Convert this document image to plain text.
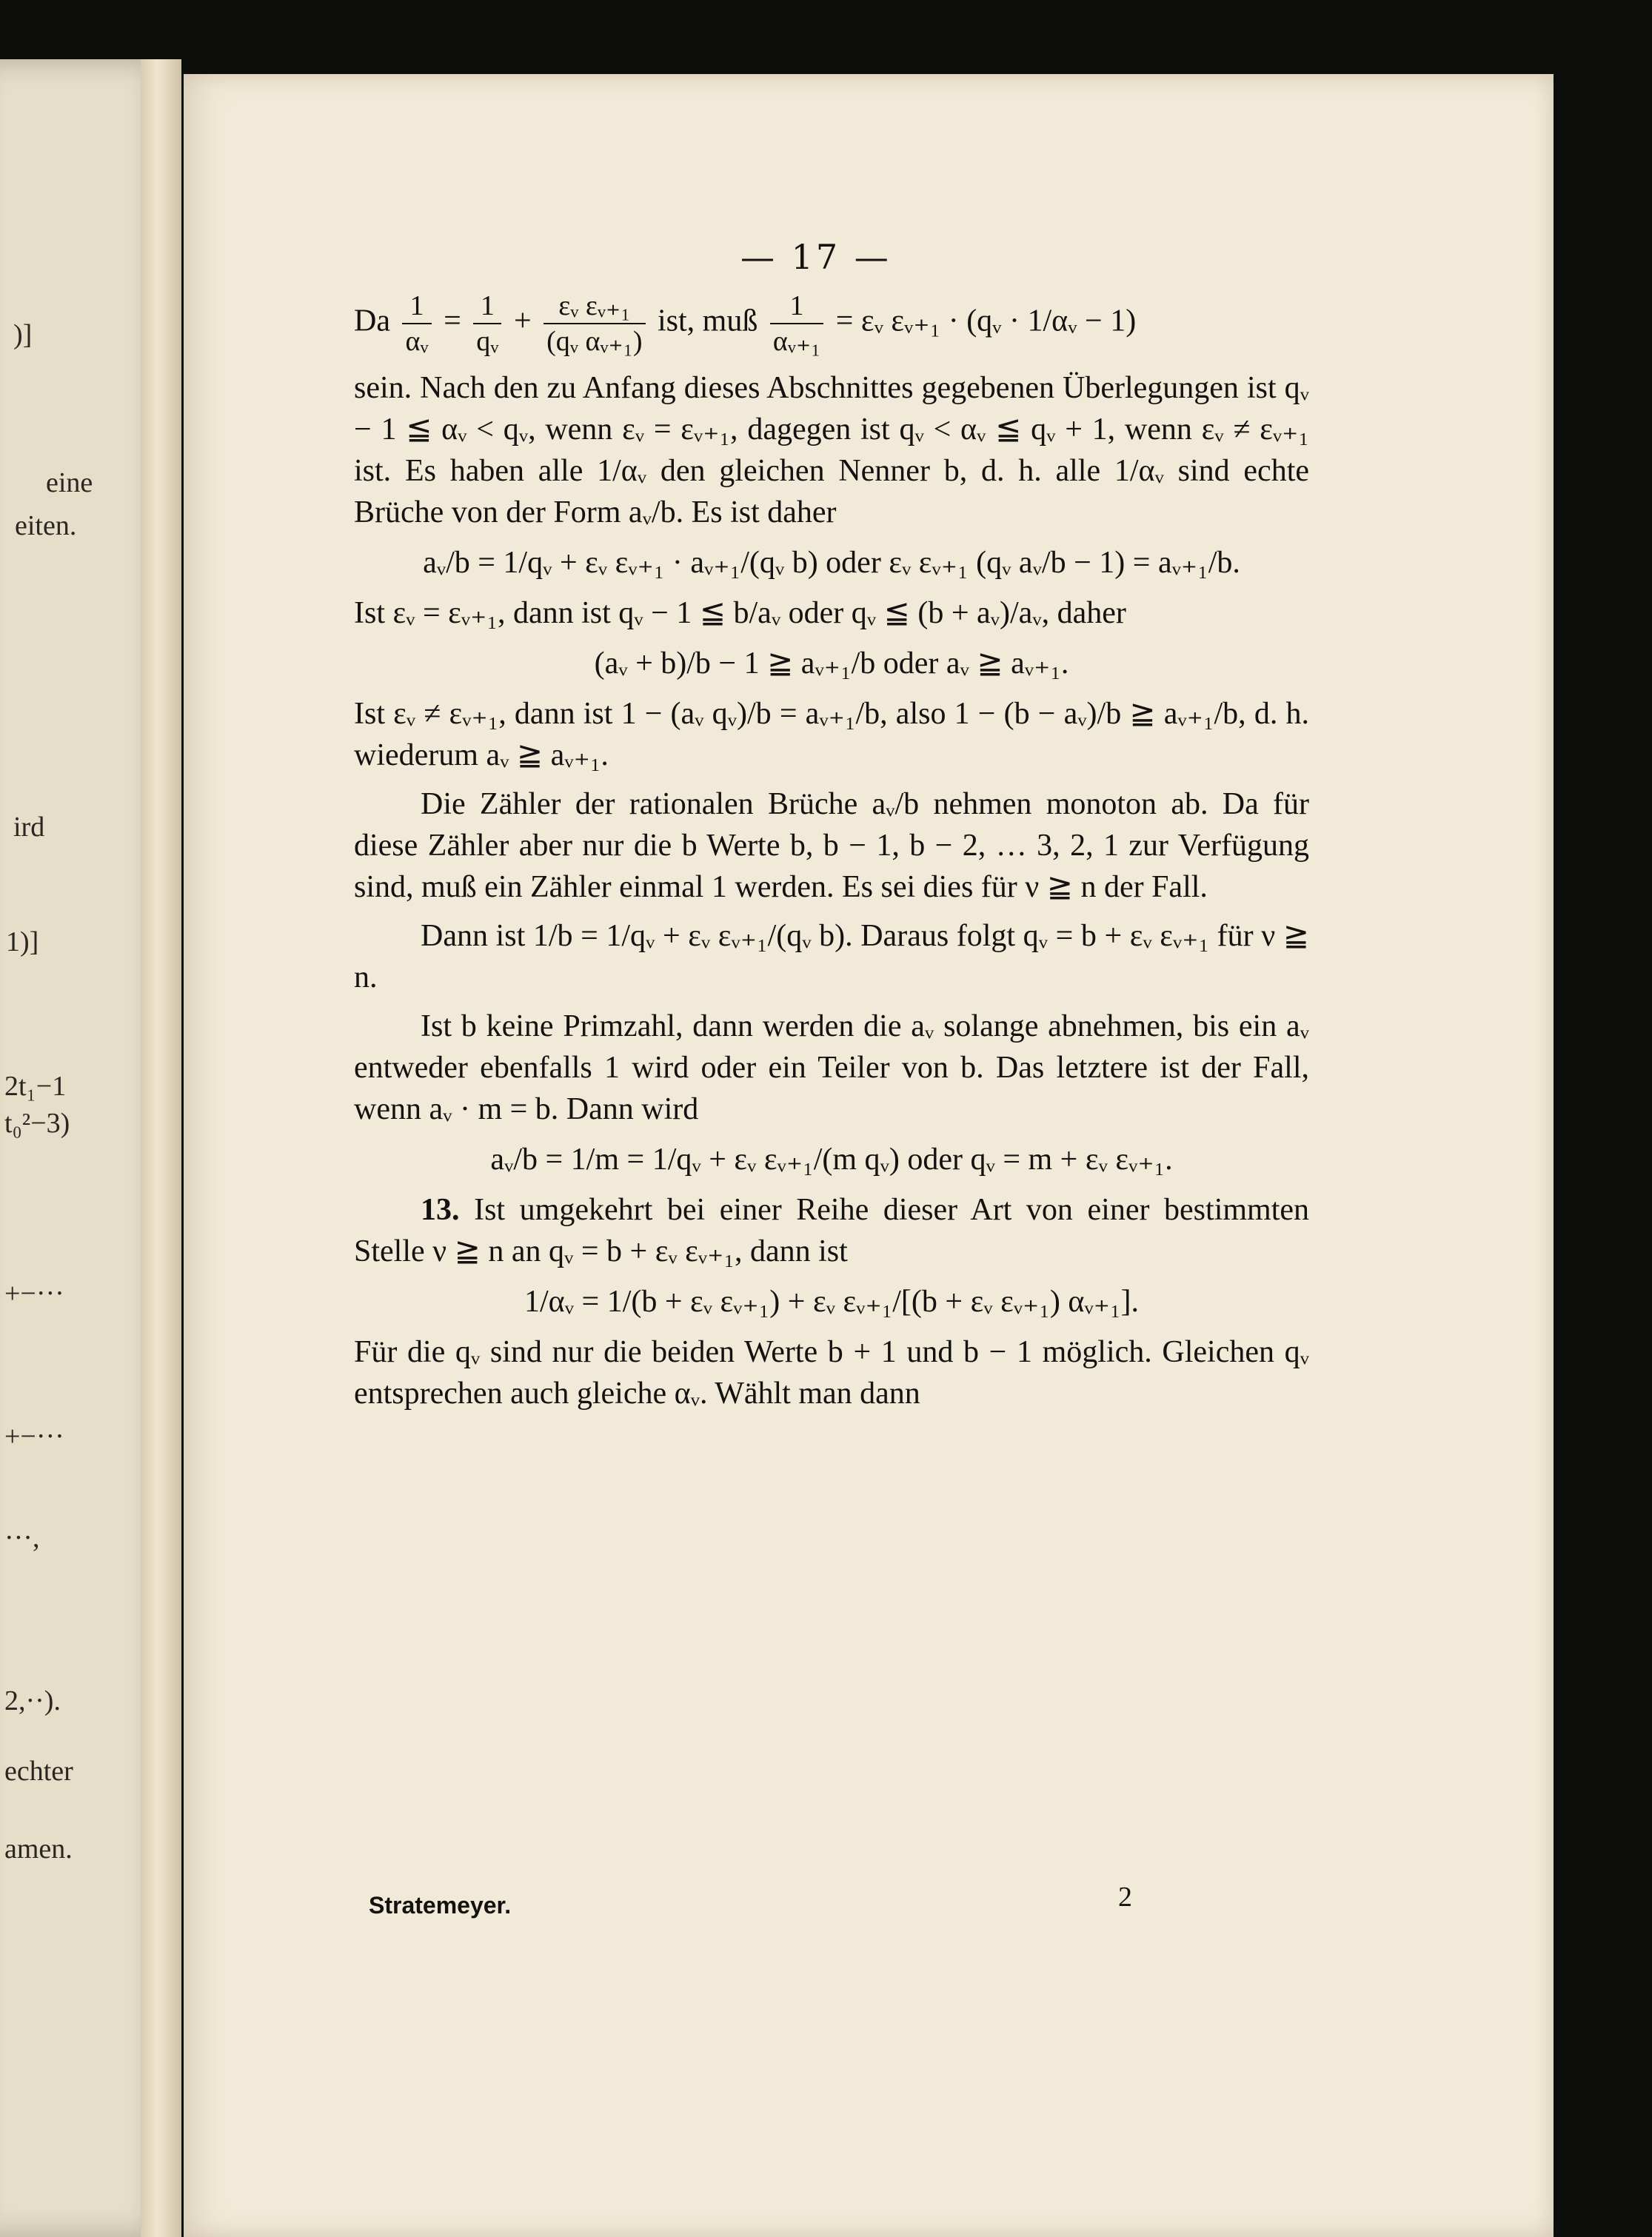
)]
eine
eiten.
ird
1)]
2t₁−1
t₀²−3)
+−···
+−···
···,
2,··).
echter
amen.
— 17 —
Da $\frac{1}{\text{αᵥ}} = \frac{1}{\text{qᵥ}} + \frac{\text{εᵥ εᵥ₊₁}}{\text{(qᵥ αᵥ₊₁)}}$ ist, muß $\frac{1}{\text{αᵥ₊₁}}$ = εᵥ εᵥ₊₁ · (qᵥ · 1/αᵥ − 1)

sein. Nach den zu Anfang dieses Abschnittes gegebenen Überlegungen ist qᵥ − 1 ≦ αᵥ < qᵥ, wenn εᵥ = εᵥ₊₁, dagegen ist qᵥ < αᵥ ≦ qᵥ + 1, wenn εᵥ ≠ εᵥ₊₁ ist. Es haben alle 1/αᵥ den gleichen Nenner b, d. h. alle 1/αᵥ sind echte Brüche von der Form aᵥ/b. Es ist daher

aᵥ/b = 1/qᵥ + εᵥ εᵥ₊₁ · aᵥ₊₁/(qᵥ b) oder εᵥ εᵥ₊₁ (qᵥ aᵥ/b − 1) = aᵥ₊₁/b.

Ist εᵥ = εᵥ₊₁, dann ist qᵥ − 1 ≦ b/aᵥ oder qᵥ ≦ (b + aᵥ)/aᵥ, daher

(aᵥ + b)/b − 1 ≧ aᵥ₊₁/b oder aᵥ ≧ aᵥ₊₁.

Ist εᵥ ≠ εᵥ₊₁, dann ist 1 − (aᵥ qᵥ)/b = aᵥ₊₁/b, also 1 − (b − aᵥ)/b ≧ aᵥ₊₁/b, d. h. wiederum aᵥ ≧ aᵥ₊₁.

Die Zähler der rationalen Brüche aᵥ/b nehmen monoton ab. Da für diese Zähler aber nur die b Werte b, b − 1, b − 2, … 3, 2, 1 zur Verfügung sind, muß ein Zähler einmal 1 werden. Es sei dies für ν ≧ n der Fall.

Dann ist 1/b = 1/qᵥ + εᵥ εᵥ₊₁/(qᵥ b). Daraus folgt qᵥ = b + εᵥ εᵥ₊₁ für ν ≧ n.

Ist b keine Primzahl, dann werden die aᵥ solange abnehmen, bis ein aᵥ entweder ebenfalls 1 wird oder ein Teiler von b. Das letztere ist der Fall, wenn aᵥ · m = b. Dann wird

aᵥ/b = 1/m = 1/qᵥ + εᵥ εᵥ₊₁/(m qᵥ) oder qᵥ = m + εᵥ εᵥ₊₁.

13. Ist umgekehrt bei einer Reihe dieser Art von einer bestimmten Stelle ν ≧ n an qᵥ = b + εᵥ εᵥ₊₁, dann ist

1/αᵥ = 1/(b + εᵥ εᵥ₊₁) + εᵥ εᵥ₊₁/[(b + εᵥ εᵥ₊₁) αᵥ₊₁].

Für die qᵥ sind nur die beiden Werte b + 1 und b − 1 möglich. Gleichen qᵥ entsprechen auch gleiche αᵥ. Wählt man dann

Stratemeyer.	2
